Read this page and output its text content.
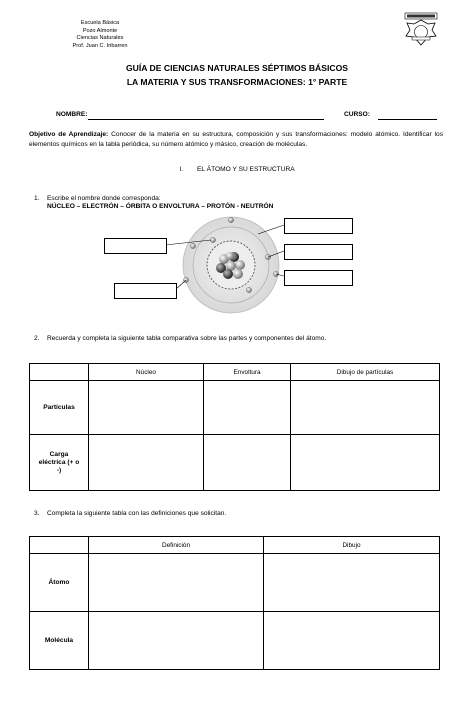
Escuela Básica
Pozo Almonte
Ciencias Naturales
Prof. Juan C. Iribarren
GUÍA DE CIENCIAS NATURALES SÉPTIMOS BÁSICOS
LA MATERIA Y SUS TRANSFORMACIONES: 1° PARTE
NOMBRE:	CURSO:
Objetivo de Aprendizaje: Conocer de la materia en su estructura, composición y sus transformaciones: modelo atómico. Identificar los elementos químicos en la tabla periódica, su número atómico y másico, creación de moléculas.
I. EL ÁTOMO Y SU ESTRUCTURA
1. Escribe el nombre donde corresponda:
NÚCLEO – ELECTRÓN – ÓRBITA O ENVOLTURA – PROTÓN - NEUTRÓN
2. Recuerda y completa la siguiente tabla comparativa sobre las partes y componentes del átomo.
	Núcleo	Envoltura	Dibujo de partículas
Partículas			
Carga eléctrica (+ o -)			
3. Completa la siguiente tabla con las definiciones que solicitan.
	Definición	Dibujo
Átomo		
Molécula		
